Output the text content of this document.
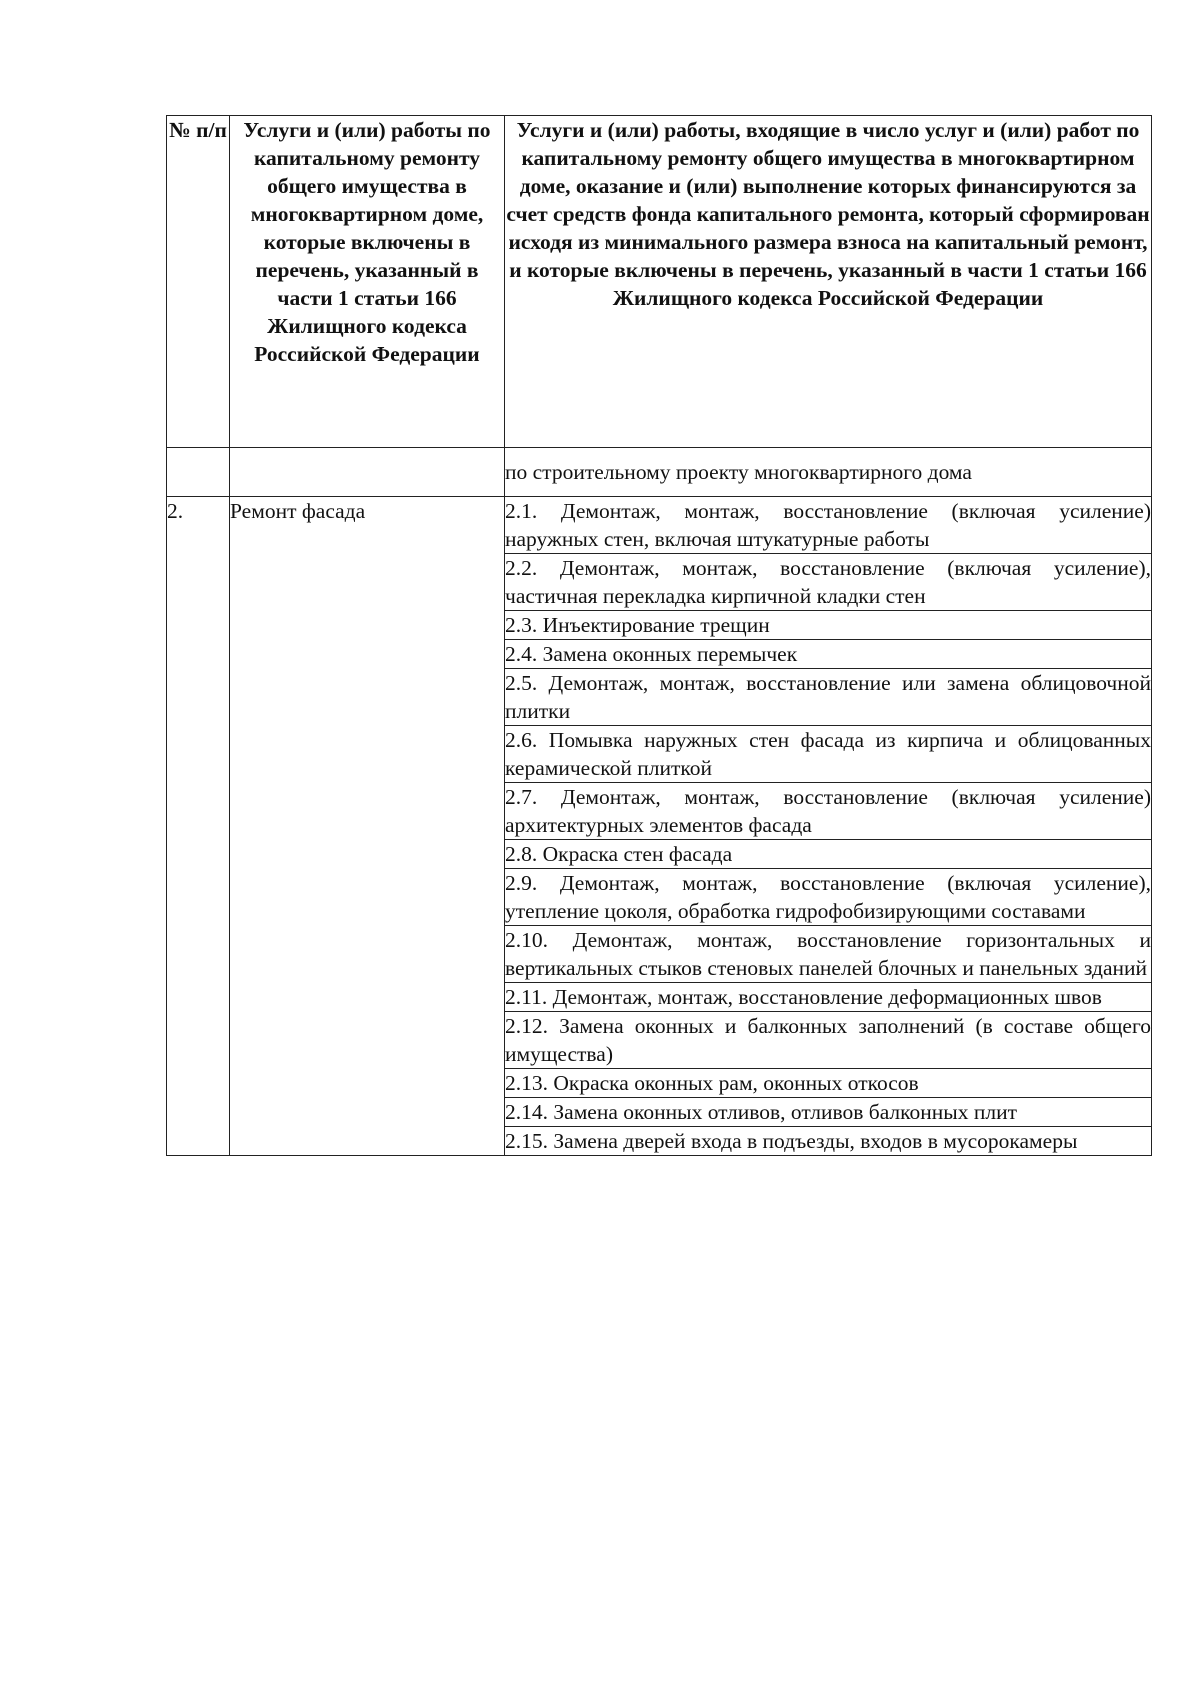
№ п/п	Услуги и (или) работы по капитальному ремонту общего имущества в многоквартирном доме, которые включены в перечень, указанный в части 1 статьи 166 Жилищного кодекса Российской Федерации	Услуги и (или) работы, входящие в число услуг и (или) работ по капитальному ремонту общего имущества в многоквартирном доме, оказание и (или) выполнение которых финансируются за счет средств фонда капитального ремонта, который сформирован исходя из минимального размера взноса на капитальный ремонт, и которые включены в перечень, указанный в части 1 статьи 166 Жилищного кодекса Российской Федерации
		по строительному проекту многоквартирного дома
2.	Ремонт фасада	2.1. Демонтаж, монтаж, восстановление (включая усиление) наружных стен, включая штукатурные работы
		2.2. Демонтаж, монтаж, восстановление (включая усиление), частичная перекладка кирпичной кладки стен
		2.3. Инъектирование трещин
		2.4. Замена оконных перемычек
		2.5. Демонтаж, монтаж, восстановление или замена облицовочной плитки
		2.6. Помывка наружных стен фасада из кирпича и облицованных керамической плиткой
		2.7. Демонтаж, монтаж, восстановление (включая усиление) архитектурных элементов фасада
		2.8. Окраска стен фасада
		2.9. Демонтаж, монтаж, восстановление (включая усиление), утепление цоколя, обработка гидрофобизирующими составами
		2.10. Демонтаж, монтаж, восстановление горизонтальных и вертикальных стыков стеновых панелей блочных и панельных зданий
		2.11. Демонтаж, монтаж, восстановление деформационных швов
		2.12. Замена оконных и балконных заполнений (в составе общего имущества)
		2.13. Окраска оконных рам, оконных откосов
		2.14. Замена оконных отливов, отливов балконных плит
		2.15. Замена дверей входа в подъезды, входов в мусорокамеры
